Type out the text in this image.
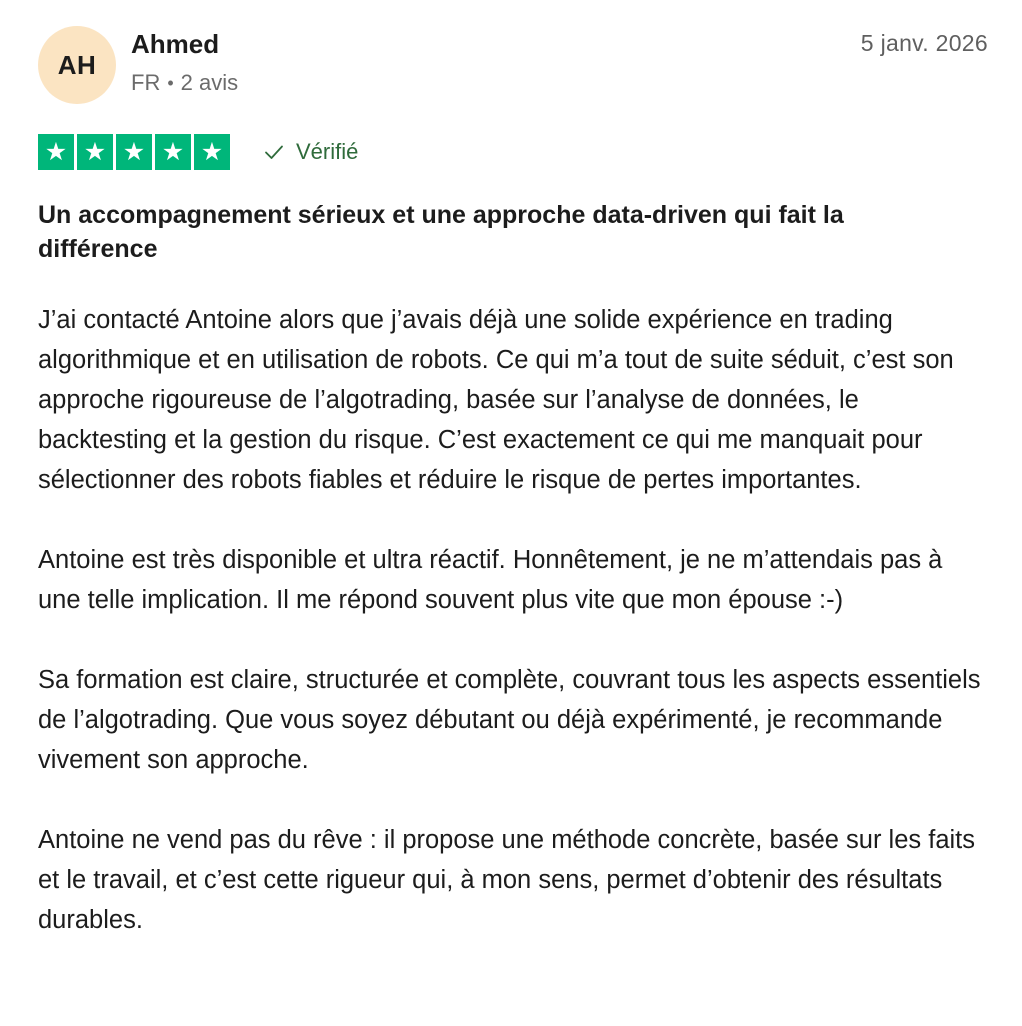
AH
Ahmed
FR • 2 avis
5 janv. 2026
★ ★ ★ ★ ★	Vérifié
Un accompagnement sérieux et une approche data-driven qui fait la différence

J’ai contacté Antoine alors que j’avais déjà une solide expérience en trading algorithmique et en utilisation de robots. Ce qui m’a tout de suite séduit, c’est son approche rigoureuse de l’algotrading, basée sur l’analyse de données, le backtesting et la gestion du risque. C’est exactement ce qui me manquait pour sélectionner des robots fiables et réduire le risque de pertes importantes.

Antoine est très disponible et ultra réactif. Honnêtement, je ne m’attendais pas à une telle implication. Il me répond souvent plus vite que mon épouse :-)

Sa formation est claire, structurée et complète, couvrant tous les aspects essentiels de l’algotrading. Que vous soyez débutant ou déjà expérimenté, je recommande vivement son approche.

Antoine ne vend pas du rêve : il propose une méthode concrète, basée sur les faits et le travail, et c’est cette rigueur qui, à mon sens, permet d’obtenir des résultats durables.
